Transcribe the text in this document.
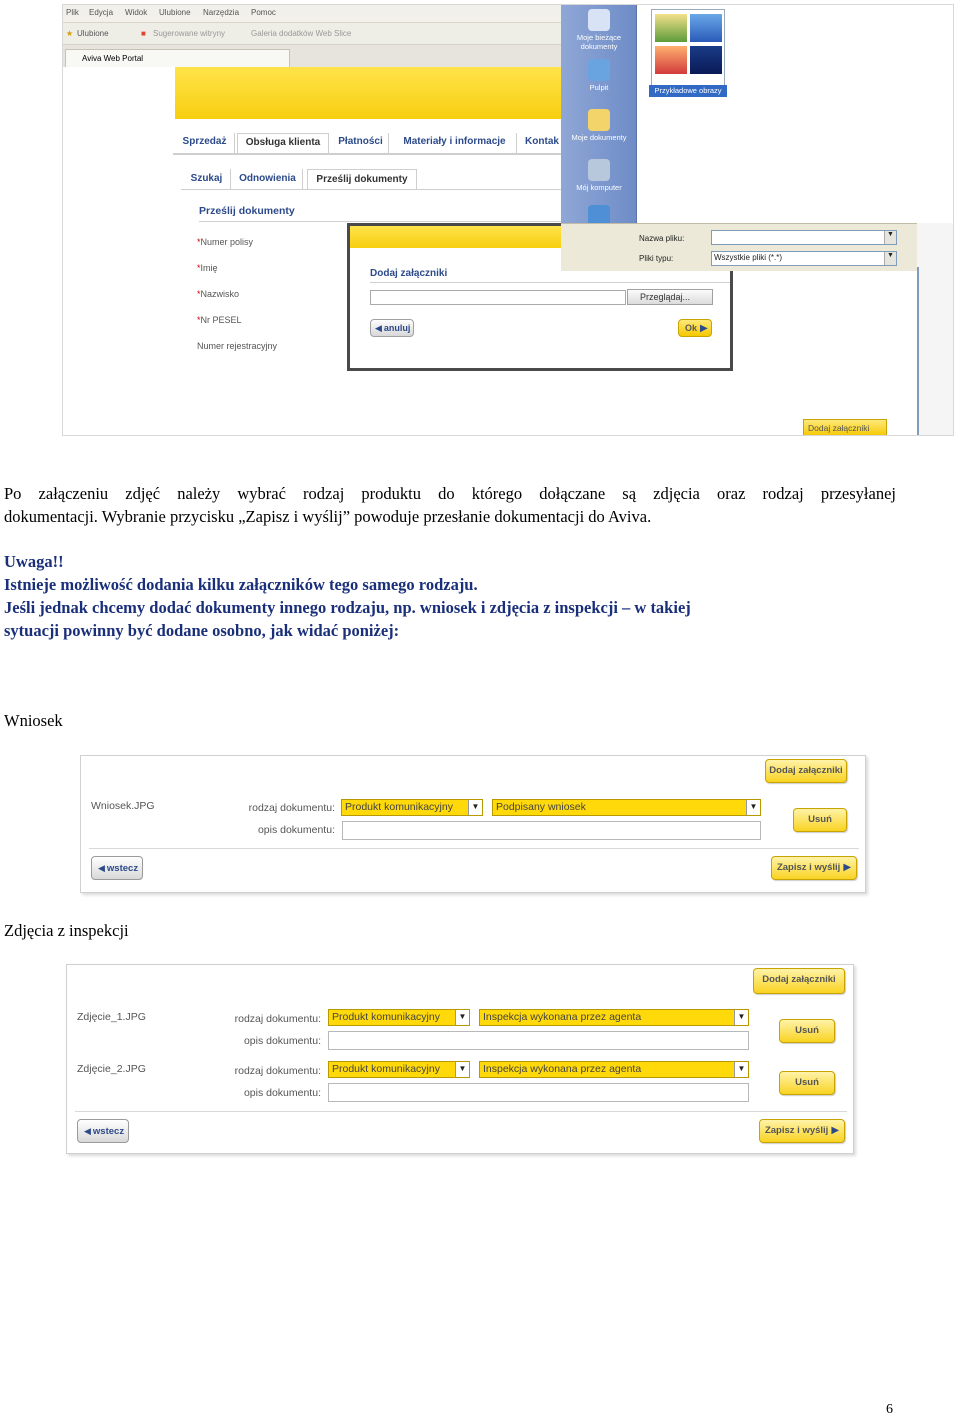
Plik Edycja Widok Ulubione Narzędzia Pomoc
★ Ulubione	■ Sugerowane witryny	Galeria dodatków Web Slice
Aviva Web Portal
Sprzedaż	Obsługa klienta	Płatności	Materiały i informacje	Kontak
Szukaj	Odnowienia	Prześlij dokumenty
Prześlij dokumenty
*Numer polisy
*Imię
*Nazwisko
*Nr PESEL
Numer rejestracyjny
Dodaj załączniki
Przeglądaj...
◀ anuluj	Ok ▶
Moje bieżące dokumenty
Pulpit
Moje dokumenty
Mój komputer
Przykładowe obrazy
Nazwa pliku:	▼
Pliki typu:	Wszystkie pliki (*.*)	▼
Dodaj załączniki
Po załączeniu zdjęć należy wybrać rodzaj produktu do którego dołączane są zdjęcia oraz rodzaj przesyłanej
dokumentacji. Wybranie przycisku „Zapisz i wyślij” powoduje przesłanie dokumentacji do Aviva.
Uwaga!!
Istnieje możliwość dodania kilku załączników tego samego rodzaju.
Jeśli jednak chcemy dodać dokumenty innego rodzaju, np. wniosek i zdjęcia z inspekcji – w takiej
sytuacji powinny być dodane osobno, jak widać poniżej:
Wniosek
Dodaj załączniki
Wniosek.JPG	rodzaj dokumentu: Produkt komunikacyjny	▼	Podpisany wniosek	▼
opis dokumentu:
Usuń
◀ wstecz	Zapisz i wyślij ▶
Zdjęcia z inspekcji
Dodaj załączniki
Zdjęcie_1.JPG	rodzaj dokumentu:	Produkt komunikacyjny	▼	Inspekcja wykonana przez agenta	▼
opis dokumentu:
Usuń
Zdjęcie_2.JPG	rodzaj dokumentu:	Produkt komunikacyjny	▼	Inspekcja wykonana przez agenta	▼
opis dokumentu:
Usuń
◀ wstecz	Zapisz i wyślij ▶
6
